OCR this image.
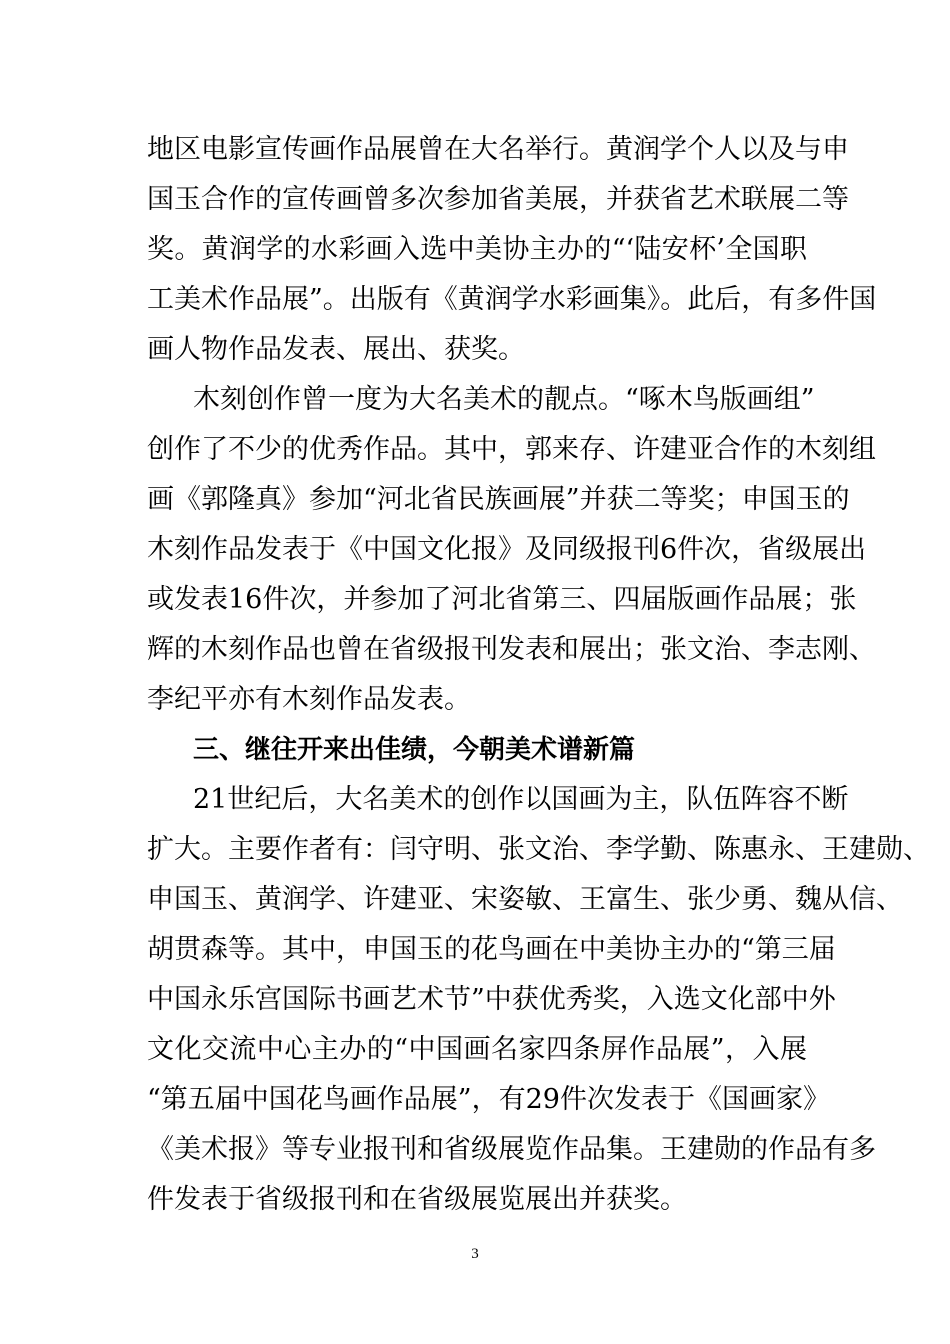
地区电影宣传画作品展曾在大名举行。黄润学个人以及与申
国玉合作的宣传画曾多次参加省美展，并获省艺术联展二等
奖。黄润学的水彩画入选中美协主办的“‘陆安杯’全国职
工美术作品展”。出版有《黄润学水彩画集》。此后，有多件国
画人物作品发表、展出、获奖。
木刻创作曾一度为大名美术的靓点。“啄木鸟版画组”
创作了不少的优秀作品。其中，郭来存、许建亚合作的木刻组
画《郭隆真》参加“河北省民族画展”并获二等奖；申国玉的
木刻作品发表于《中国文化报》及同级报刊6件次，省级展出
或发表16件次，并参加了河北省第三、四届版画作品展；张
辉的木刻作品也曾在省级报刊发表和展出；张文治、李志刚、
李纪平亦有木刻作品发表。
三、继往开来出佳绩，今朝美术谱新篇
21世纪后，大名美术的创作以国画为主，队伍阵容不断
扩大。主要作者有：闫守明、张文治、李学勤、陈惠永、王建勋、
申国玉、黄润学、许建亚、宋姿敏、王富生、张少勇、魏从信、
胡贯森等。其中，申国玉的花鸟画在中美协主办的“第三届
中国永乐宫国际书画艺术节”中获优秀奖，入选文化部中外
文化交流中心主办的“中国画名家四条屏作品展”，入展
“第五届中国花鸟画作品展”，有29件次发表于《国画家》
《美术报》等专业报刊和省级展览作品集。王建勋的作品有多
件发表于省级报刊和在省级展览展出并获奖。
3
